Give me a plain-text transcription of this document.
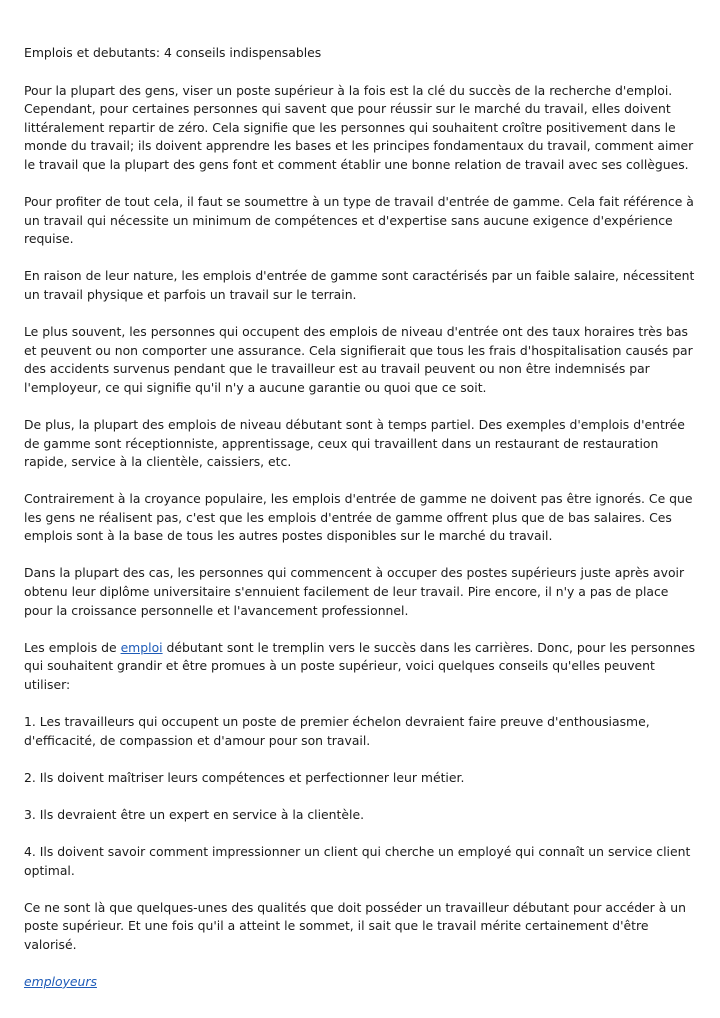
Emplois et debutants: 4 conseils indispensables

Pour la plupart des gens, viser un poste supérieur à la fois est la clé du succès de la recherche d'emploi. Cependant, pour certaines personnes qui savent que pour réussir sur le marché du travail, elles doivent littéralement repartir de zéro. Cela signifie que les personnes qui souhaitent croître positivement dans le monde du travail; ils doivent apprendre les bases et les principes fondamentaux du travail, comment aimer le travail que la plupart des gens font et comment établir une bonne relation de travail avec ses collègues.

Pour profiter de tout cela, il faut se soumettre à un type de travail d'entrée de gamme. Cela fait référence à un travail qui nécessite un minimum de compétences et d'expertise sans aucune exigence d'expérience requise.

En raison de leur nature, les emplois d'entrée de gamme sont caractérisés par un faible salaire, nécessitent un travail physique et parfois un travail sur le terrain.

Le plus souvent, les personnes qui occupent des emplois de niveau d'entrée ont des taux horaires très bas et peuvent ou non comporter une assurance. Cela signifierait que tous les frais d'hospitalisation causés par des accidents survenus pendant que le travailleur est au travail peuvent ou non être indemnisés par l'employeur, ce qui signifie qu'il n'y a aucune garantie ou quoi que ce soit.

De plus, la plupart des emplois de niveau débutant sont à temps partiel. Des exemples d'emplois d'entrée de gamme sont réceptionniste, apprentissage, ceux qui travaillent dans un restaurant de restauration rapide, service à la clientèle, caissiers, etc.

Contrairement à la croyance populaire, les emplois d'entrée de gamme ne doivent pas être ignorés. Ce que les gens ne réalisent pas, c'est que les emplois d'entrée de gamme offrent plus que de bas salaires. Ces emplois sont à la base de tous les autres postes disponibles sur le marché du travail.

Dans la plupart des cas, les personnes qui commencent à occuper des postes supérieurs juste après avoir obtenu leur diplôme universitaire s'ennuient facilement de leur travail. Pire encore, il n'y a pas de place pour la croissance personnelle et l'avancement professionnel.

Les emplois de emploi débutant sont le tremplin vers le succès dans les carrières. Donc, pour les personnes qui souhaitent grandir et être promues à un poste supérieur, voici quelques conseils qu'elles peuvent utiliser:

1. Les travailleurs qui occupent un poste de premier échelon devraient faire preuve d'enthousiasme, d'efficacité, de compassion et d'amour pour son travail.

2. Ils doivent maîtriser leurs compétences et perfectionner leur métier.

3. Ils devraient être un expert en service à la clientèle.

4. Ils doivent savoir comment impressionner un client qui cherche un employé qui connaît un service client optimal.

Ce ne sont là que quelques-unes des qualités que doit posséder un travailleur débutant pour accéder à un poste supérieur. Et une fois qu'il a atteint le sommet, il sait que le travail mérite certainement d'être valorisé.

employeurs
